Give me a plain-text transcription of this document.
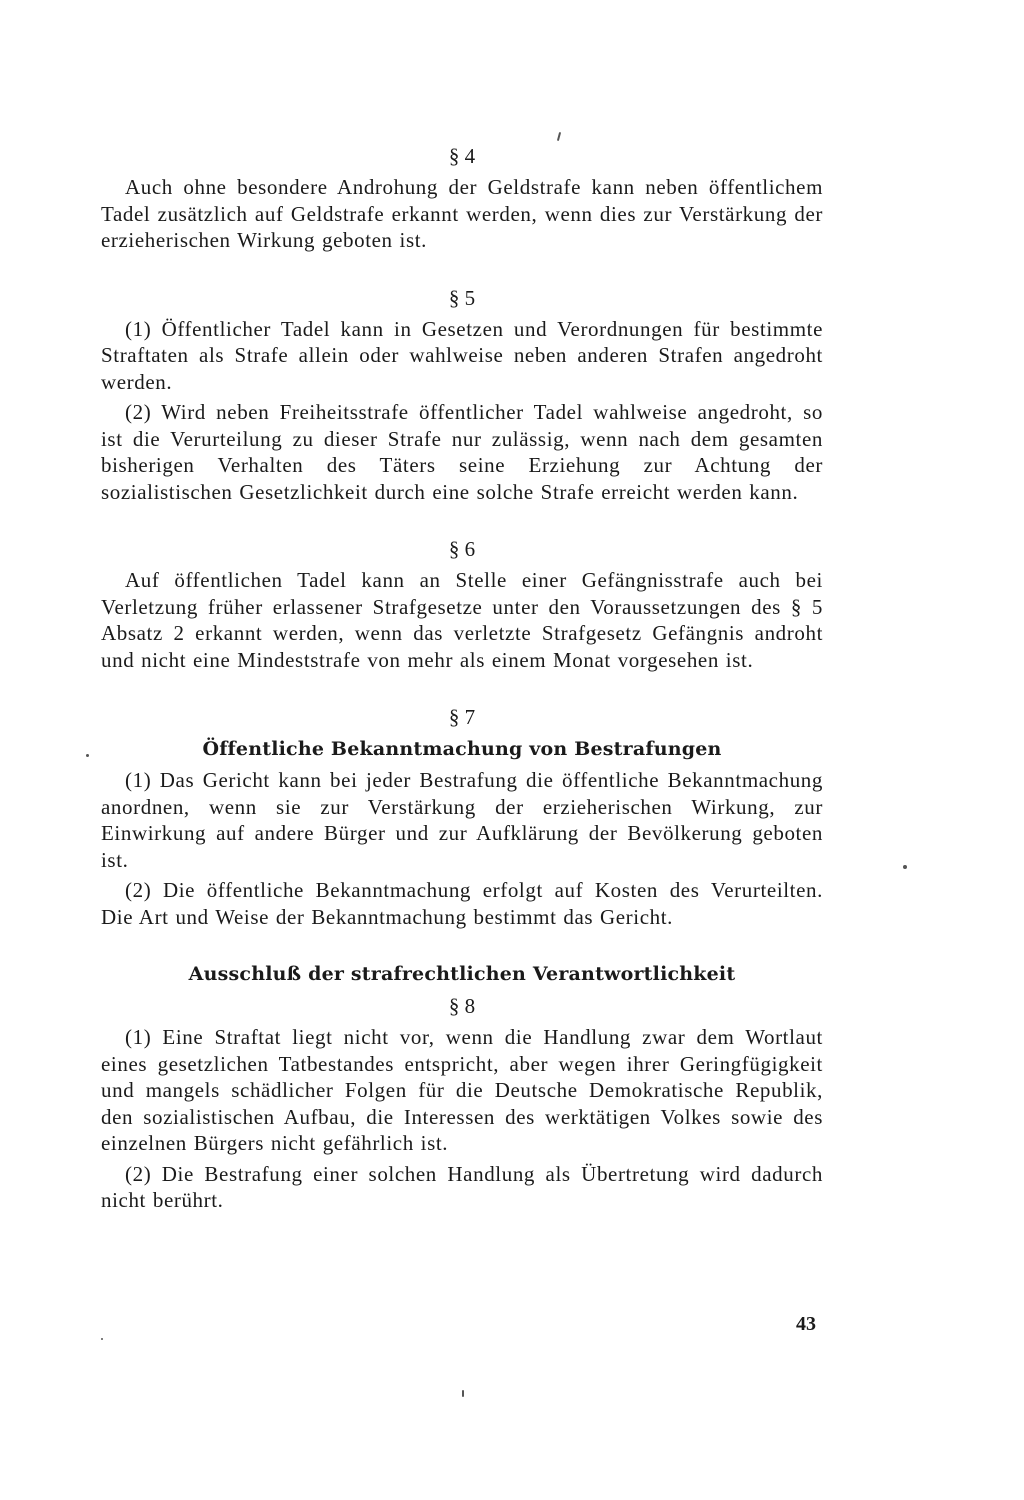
§ 4

Auch ohne besondere Androhung der Geldstrafe kann neben öffentlichem Tadel zusätzlich auf Geldstrafe erkannt werden, wenn dies zur Verstärkung der erzieherischen Wirkung geboten ist.

§ 5

(1) Öffentlicher Tadel kann in Gesetzen und Verordnungen für bestimmte Straftaten als Strafe allein oder wahlweise neben anderen Strafen angedroht werden.

(2) Wird neben Freiheitsstrafe öffentlicher Tadel wahlweise angedroht, so ist die Verurteilung zu dieser Strafe nur zulässig, wenn nach dem gesamten bisherigen Verhalten des Täters seine Erziehung zur Achtung der sozialistischen Gesetzlichkeit durch eine solche Strafe erreicht werden kann.

§ 6

Auf öffentlichen Tadel kann an Stelle einer Gefängnisstrafe auch bei Verletzung früher erlassener Strafgesetze unter den Voraussetzungen des § 5 Absatz 2 erkannt werden, wenn das verletzte Strafgesetz Gefängnis androht und nicht eine Mindeststrafe von mehr als einem Monat vorgesehen ist.

§ 7
Öffentliche Bekanntmachung von Bestrafungen

(1) Das Gericht kann bei jeder Bestrafung die öffentliche Bekanntmachung anordnen, wenn sie zur Verstärkung der erzieherischen Wirkung, zur Einwirkung auf andere Bürger und zur Aufklärung der Bevölkerung geboten ist.

(2) Die öffentliche Bekanntmachung erfolgt auf Kosten des Verurteilten. Die Art und Weise der Bekanntmachung bestimmt das Gericht.

Ausschluß der strafrechtlichen Verantwortlichkeit
§ 8

(1) Eine Straftat liegt nicht vor, wenn die Handlung zwar dem Wortlaut eines gesetzlichen Tatbestandes entspricht, aber wegen ihrer Geringfügigkeit und mangels schädlicher Folgen für die Deutsche Demokratische Republik, den sozialistischen Aufbau, die Interessen des werktätigen Volkes sowie des einzelnen Bürgers nicht gefährlich ist.

(2) Die Bestrafung einer solchen Handlung als Übertretung wird dadurch nicht berührt.

43
